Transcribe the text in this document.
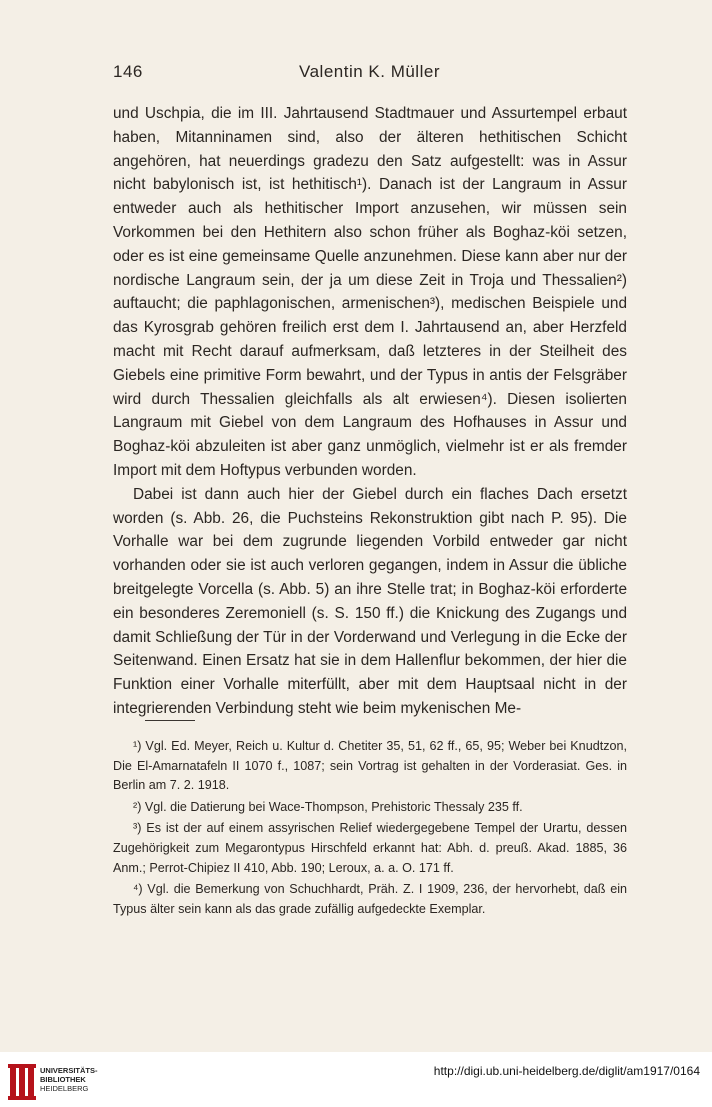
146	Valentin K. Müller

und Uschpia, die im III. Jahrtausend Stadtmauer und Assurtempel erbaut haben, Mitanninamen sind, also der älteren hethitischen Schicht angehören, hat neuerdings gradezu den Satz aufgestellt: was in Assur nicht babylonisch ist, ist hethitisch¹). Danach ist der Langraum in Assur entweder auch als hethitischer Import anzusehen, wir müssen sein Vorkommen bei den Hethitern also schon früher als Boghaz-köi setzen, oder es ist eine gemeinsame Quelle anzunehmen. Diese kann aber nur der nordische Langraum sein, der ja um diese Zeit in Troja und Thessalien²) auftaucht; die paphlagonischen, armenischen³), medischen Beispiele und das Kyrosgrab gehören freilich erst dem I. Jahrtausend an, aber Herzfeld macht mit Recht darauf aufmerksam, daß letzteres in der Steilheit des Giebels eine primitive Form bewahrt, und der Typus in antis der Felsgräber wird durch Thessalien gleichfalls als alt erwiesen⁴). Diesen isolierten Langraum mit Giebel von dem Langraum des Hofhauses in Assur und Boghaz-köi abzuleiten ist aber ganz unmöglich, vielmehr ist er als fremder Import mit dem Hoftypus verbunden worden.

Dabei ist dann auch hier der Giebel durch ein flaches Dach ersetzt worden (s. Abb. 26, die Puchsteins Rekonstruktion gibt nach P. 95). Die Vorhalle war bei dem zugrunde liegenden Vorbild entweder gar nicht vorhanden oder sie ist auch verloren gegangen, indem in Assur die übliche breitgelegte Vorcella (s. Abb. 5) an ihre Stelle trat; in Boghaz-köi erforderte ein besonderes Zeremoniell (s. S. 150 ff.) die Knickung des Zugangs und damit Schließung der Tür in der Vorderwand und Verlegung in die Ecke der Seitenwand. Einen Ersatz hat sie in dem Hallenflur bekommen, der hier die Funktion einer Vorhalle miterfüllt, aber mit dem Hauptsaal nicht in der integrierenden Verbindung steht wie beim mykenischen Me-

¹) Vgl. Ed. Meyer, Reich u. Kultur d. Chetiter 35, 51, 62 ff., 65, 95; Weber bei Knudtzon, Die El-Amarnatafeln II 1070 f., 1087; sein Vortrag ist gehalten in der Vorderasiat. Ges. in Berlin am 7. 2. 1918.

²) Vgl. die Datierung bei Wace-Thompson, Prehistoric Thessaly 235 ff.

³) Es ist der auf einem assyrischen Relief wiedergegebene Tempel der Urartu, dessen Zugehörigkeit zum Megarontypus Hirschfeld erkannt hat: Abh. d. preuß. Akad. 1885, 36 Anm.; Perrot-Chipiez II 410, Abb. 190; Leroux, a. a. O. 171 ff.

⁴) Vgl. die Bemerkung von Schuchhardt, Präh. Z. I 1909, 236, der hervorhebt, daß ein Typus älter sein kann als das grade zufällig aufgedeckte Exemplar.

UNIVERSITÄTS-
BIBLIOTHEK
HEIDELBERG
http://digi.ub.uni-heidelberg.de/diglit/am1917/0164
